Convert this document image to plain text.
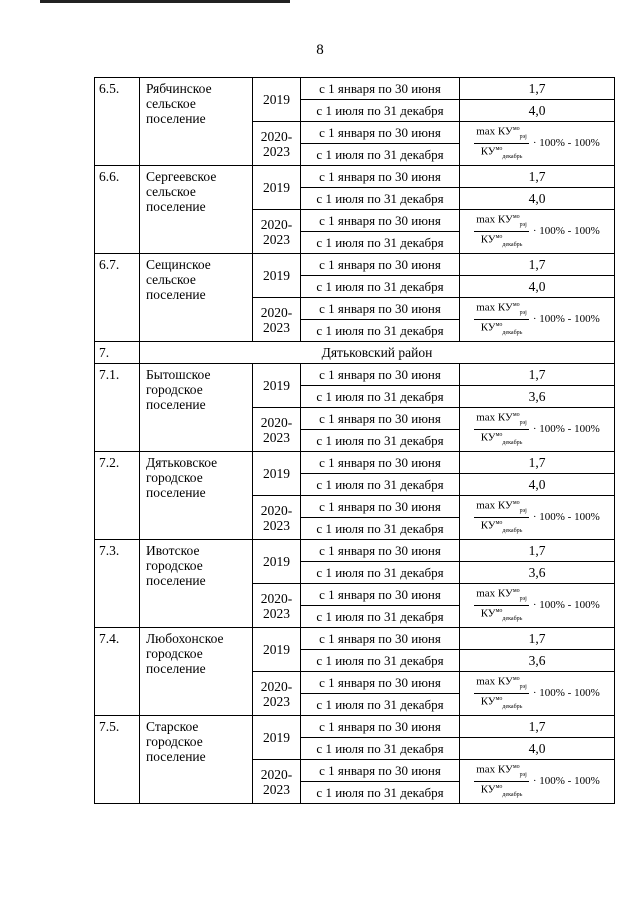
8
6.5.	Рябчинское сельское поселение	2019	с 1 января по 30 июня	1,7
			с 1 июля по 31 декабря	4,0
		2020-2023	с 1 января по 30 июня	$\frac{\max КУ^{мо}_{pэj}}{КУ^{мо}_{декабрь}} \cdot 100\% - 100\%$

			с 1 июля по 31 декабря	
6.6.	Сергеевское сельское поселение	2019	с 1 января по 30 июня	1,7
			с 1 июля по 31 декабря	4,0
		2020-2023	с 1 января по 30 июня	$\frac{\max КУ^{мо}_{pэj}}{КУ^{мо}_{декабрь}} \cdot 100\% - 100\%$

			с 1 июля по 31 декабря	
6.7.	Сещинское сельское поселение	2019	с 1 января по 30 июня	1,7
			с 1 июля по 31 декабря	4,0
		2020-2023	с 1 января по 30 июня	$\frac{\max КУ^{мо}_{pэj}}{КУ^{мо}_{декабрь}} \cdot 100\% - 100\%$

			с 1 июля по 31 декабря	
7.	Дятьковский район			
7.1.	Бытошское городское поселение	2019	с 1 января по 30 июня	1,7
			с 1 июля по 31 декабря	3,6
		2020-2023	с 1 января по 30 июня	$\frac{\max КУ^{мо}_{pэj}}{КУ^{мо}_{декабрь}} \cdot 100\% - 100\%$

			с 1 июля по 31 декабря	
7.2.	Дятьковское городское поселение	2019	с 1 января по 30 июня	1,7
			с 1 июля по 31 декабря	4,0
		2020-2023	с 1 января по 30 июня	$\frac{\max КУ^{мо}_{pэj}}{КУ^{мо}_{декабрь}} \cdot 100\% - 100\%$

			с 1 июля по 31 декабря	
7.3.	Ивотское городское поселение	2019	с 1 января по 30 июня	1,7
			с 1 июля по 31 декабря	3,6
		2020-2023	с 1 января по 30 июня	$\frac{\max КУ^{мо}_{pэj}}{КУ^{мо}_{декабрь}} \cdot 100\% - 100\%$

			с 1 июля по 31 декабря	
7.4.	Любохонское городское поселение	2019	с 1 января по 30 июня	1,7
			с 1 июля по 31 декабря	3,6
		2020-2023	с 1 января по 30 июня	$\frac{\max КУ^{мо}_{pэj}}{КУ^{мо}_{декабрь}} \cdot 100\% - 100\%$

			с 1 июля по 31 декабря	
7.5.	Старское городское поселение	2019	с 1 января по 30 июня	1,7
			с 1 июля по 31 декабря	4,0
		2020-2023	с 1 января по 30 июня	$\frac{\max КУ^{мо}_{pэj}}{КУ^{мо}_{декабрь}} \cdot 100\% - 100\%$

			с 1 июля по 31 декабря	
